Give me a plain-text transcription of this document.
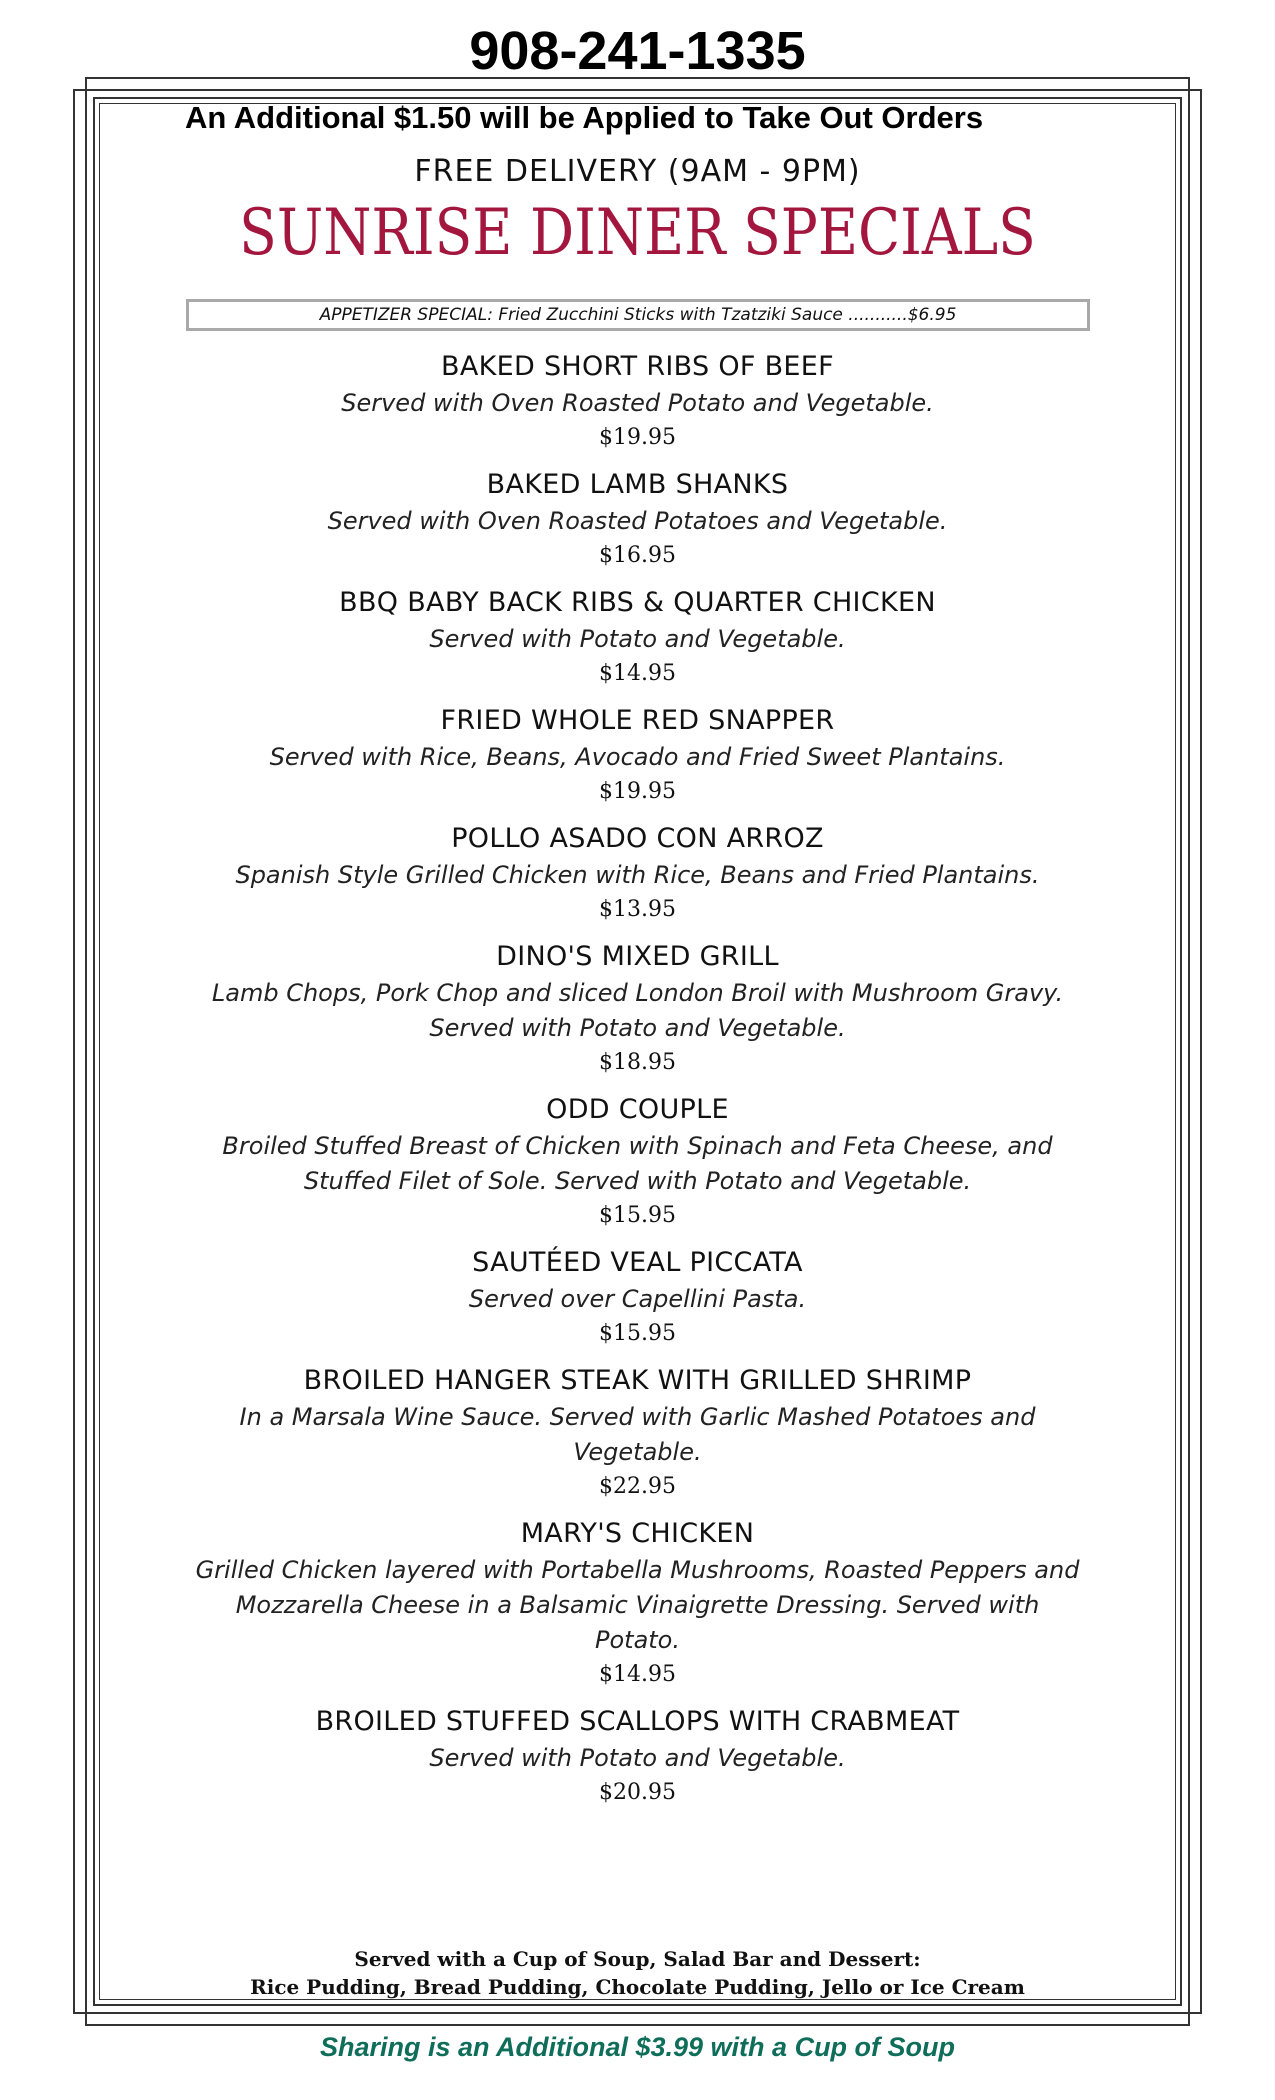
908-241-1335
An Additional $1.50 will be Applied to Take Out Orders
FREE DELIVERY (9AM - 9PM)
SUNRISE DINER SPECIALS
APPETIZER SPECIAL: Fried Zucchini Sticks with Tzatziki Sauce ...........$6.95
BAKED SHORT RIBS OF BEEF
Served with Oven Roasted Potato and Vegetable.
$19.95
BAKED LAMB SHANKS
Served with Oven Roasted Potatoes and Vegetable.
$16.95
BBQ BABY BACK RIBS & QUARTER CHICKEN
Served with Potato and Vegetable.
$14.95
FRIED WHOLE RED SNAPPER
Served with Rice, Beans, Avocado and Fried Sweet Plantains.
$19.95
POLLO ASADO CON ARROZ
Spanish Style Grilled Chicken with Rice, Beans and Fried Plantains.
$13.95
DINO'S MIXED GRILL
Lamb Chops, Pork Chop and sliced London Broil with Mushroom Gravy.
Served with Potato and Vegetable.
$18.95
ODD COUPLE
Broiled Stuffed Breast of Chicken with Spinach and Feta Cheese, and
Stuffed Filet of Sole. Served with Potato and Vegetable.
$15.95
SAUTÉED VEAL PICCATA
Served over Capellini Pasta.
$15.95
BROILED HANGER STEAK WITH GRILLED SHRIMP
In a Marsala Wine Sauce. Served with Garlic Mashed Potatoes and
Vegetable.
$22.95
MARY'S CHICKEN
Grilled Chicken layered with Portabella Mushrooms, Roasted Peppers and
Mozzarella Cheese in a Balsamic Vinaigrette Dressing. Served with
Potato.
$14.95
BROILED STUFFED SCALLOPS WITH CRABMEAT
Served with Potato and Vegetable.
$20.95
Served with a Cup of Soup, Salad Bar and Dessert:
Rice Pudding, Bread Pudding, Chocolate Pudding, Jello or Ice Cream
Sharing is an Additional $3.99 with a Cup of Soup
